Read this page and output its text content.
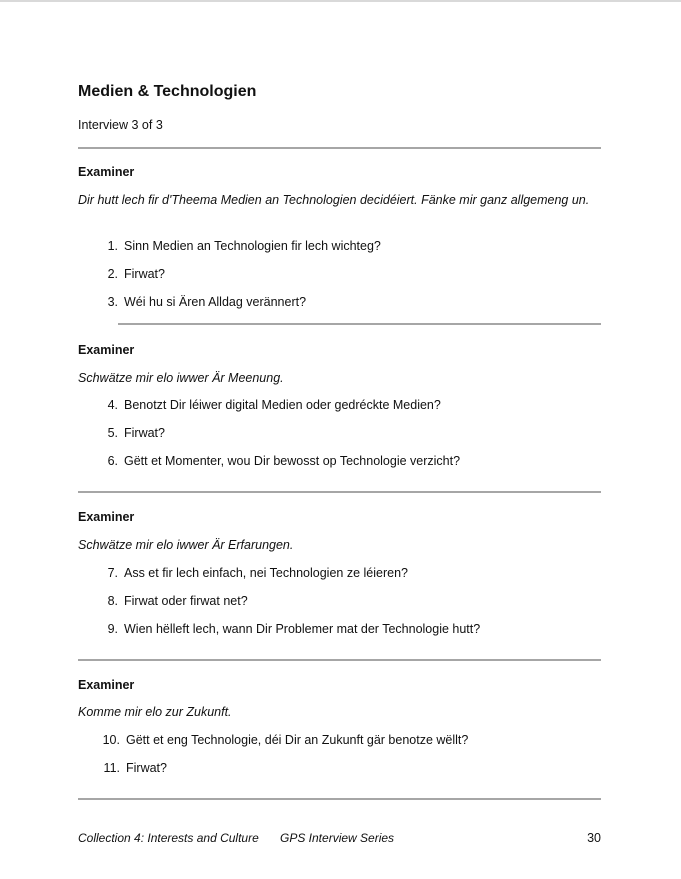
Medien & Technologien
Interview 3 of 3
Examiner
Dir hutt lech fir d'Theema Medien an Technologien decidéiert. Fänke mir ganz allgemeng un.
1. Sinn Medien an Technologien fir lech wichteg?
2. Firwat?
3. Wéi hu si Ären Alldag verännert?
Examiner
Schwätze mir elo iwwer Är Meenung.
4. Benotzt Dir léiwer digital Medien oder gedréckte Medien?
5. Firwat?
6. Gëtt et Momenter, wou Dir bewosst op Technologie verzicht?
Examiner
Schwätze mir elo iwwer Är Erfarungen.
7. Ass et fir lech einfach, nei Technologien ze léieren?
8. Firwat oder firwat net?
9. Wien hëlleft lech, wann Dir Problemer mat der Technologie hutt?
Examiner
Komme mir elo zur Zukunft.
10. Gëtt et eng Technologie, déi Dir an Zukunft gär benotze wëllt?
11. Firwat?
Collection 4: Interests and Culture GPS Interview Series	30
